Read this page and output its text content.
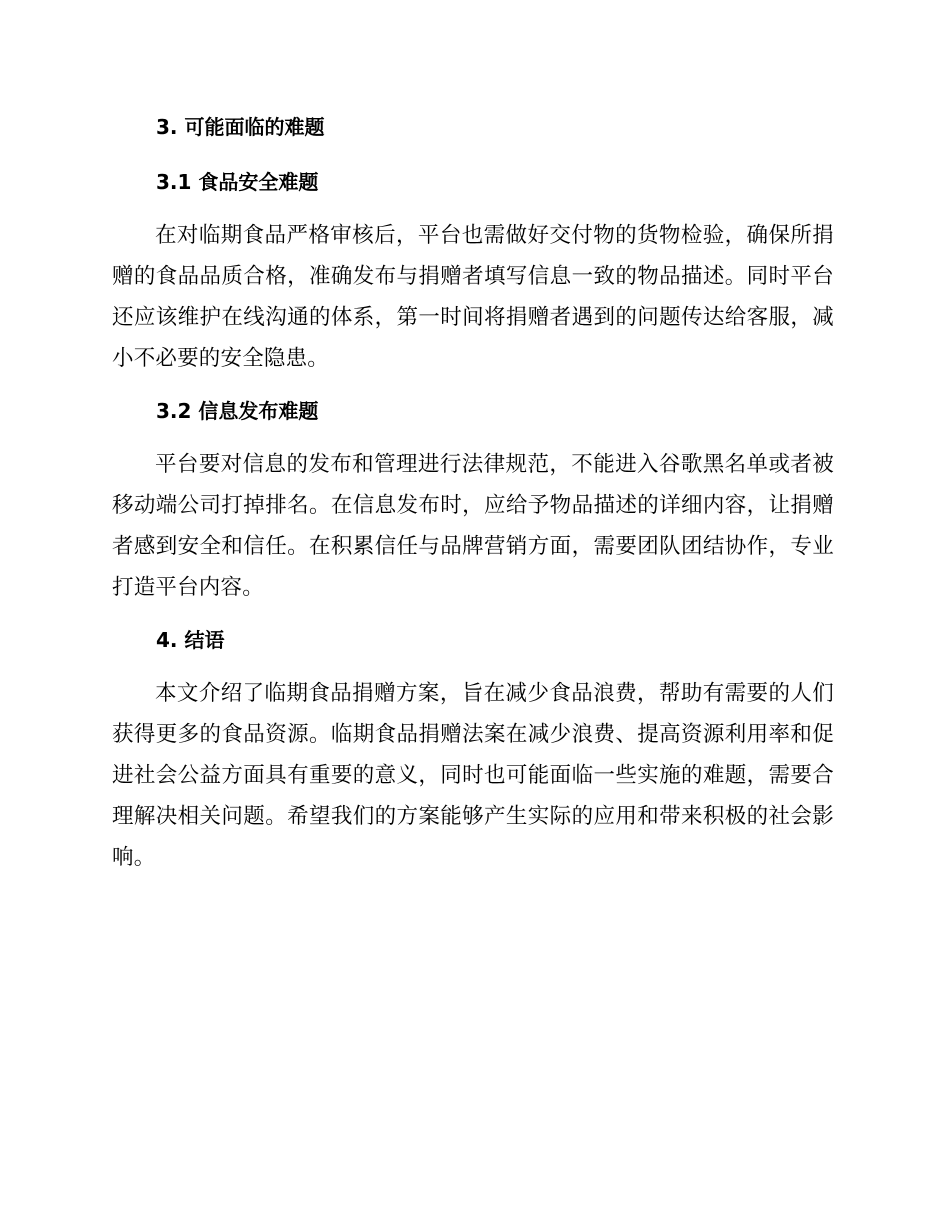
3. 可能面临的难题
3.1 食品安全难题

在对临期食品严格审核后，平台也需做好交付物的货物检验，确保所捐赠的食品品质合格，准确发布与捐赠者填写信息一致的物品描述。同时平台还应该维护在线沟通的体系，第一时间将捐赠者遇到的问题传达给客服，减小不必要的安全隐患。

3.2 信息发布难题

平台要对信息的发布和管理进行法律规范，不能进入谷歌黑名单或者被移动端公司打掉排名。在信息发布时，应给予物品描述的详细内容，让捐赠者感到安全和信任。在积累信任与品牌营销方面，需要团队团结协作，专业打造平台内容。

4. 结语

本文介绍了临期食品捐赠方案，旨在减少食品浪费，帮助有需要的人们获得更多的食品资源。临期食品捐赠法案在减少浪费、提高资源利用率和促进社会公益方面具有重要的意义，同时也可能面临一些实施的难题，需要合理解决相关问题。希望我们的方案能够产生实际的应用和带来积极的社会影响。
